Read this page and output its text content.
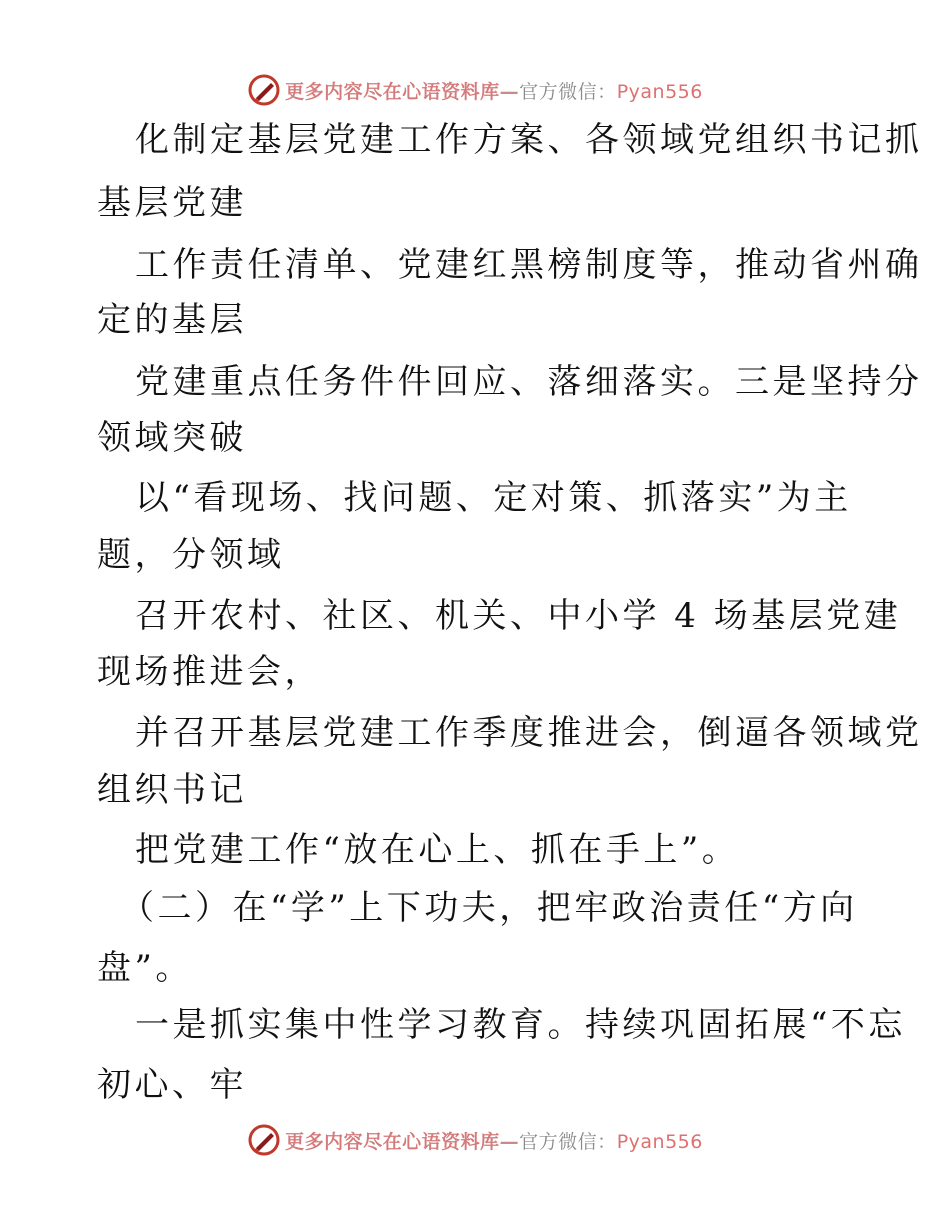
更多内容尽在心语资料库—官方微信：Pyan556
化制定基层党建工作方案、各领域党组织书记抓
基层党建
工作责任清单、党建红黑榜制度等，推动省州确
定的基层
党建重点任务件件回应、落细落实。三是坚持分
领域突破
以“看现场、找问题、定对策、抓落实”为主
题，分领域
召开农村、社区、机关、中小学 4 场基层党建
现场推进会，
并召开基层党建工作季度推进会，倒逼各领域党
组织书记
把党建工作“放在心上、抓在手上”。
（二）在“学”上下功夫，把牢政治责任“方向
盘”。
一是抓实集中性学习教育。持续巩固拓展“不忘
初心、牢
更多内容尽在心语资料库—官方微信：Pyan556
